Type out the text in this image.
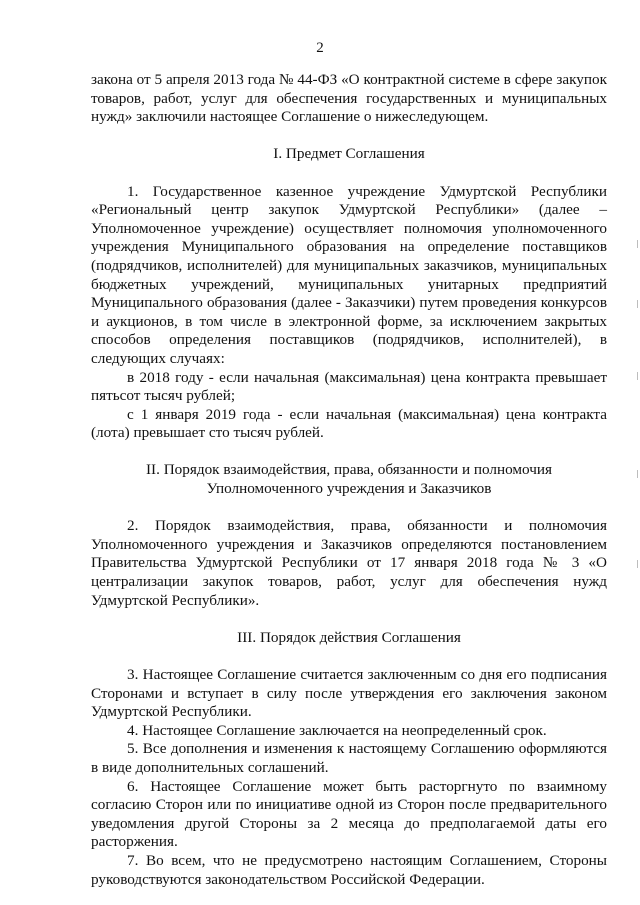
2

закона от 5 апреля 2013 года № 44-ФЗ «О контрактной системе в сфере закупок товаров, работ, услуг для обеспечения государственных и муниципальных нужд» заключили настоящее Соглашение о нижеследующем.

I. Предмет Соглашения

1. Государственное казенное учреждение Удмуртской Республики «Региональный центр закупок Удмуртской Республики» (далее – Уполномоченное учреждение) осуществляет полномочия уполномоченного учреждения Муниципального образования на определение поставщиков (подрядчиков, исполнителей) для муниципальных заказчиков, муниципальных бюджетных учреждений, муниципальных унитарных предприятий Муниципального образования (далее - Заказчики) путем проведения конкурсов и аукционов, в том числе в электронной форме, за исключением закрытых способов определения поставщиков (подрядчиков, исполнителей), в следующих случаях:

в 2018 году - если начальная (максимальная) цена контракта превышает пятьсот тысяч рублей;

с 1 января 2019 года - если начальная (максимальная) цена контракта (лота) превышает сто тысяч рублей.

II. Порядок взаимодействия, права, обязанности и полномочия

Уполномоченного учреждения и Заказчиков

2. Порядок взаимодействия, права, обязанности и полномочия Уполномоченного учреждения и Заказчиков определяются постановлением Правительства Удмуртской Республики от 17 января 2018 года № 3 «О централизации закупок товаров, работ, услуг для обеспечения нужд Удмуртской Республики».

III. Порядок действия Соглашения

3. Настоящее Соглашение считается заключенным со дня его подписания Сторонами и вступает в силу после утверждения его заключения законом Удмуртской Республики.

4. Настоящее Соглашение заключается на неопределенный срок.

5. Все дополнения и изменения к настоящему Соглашению оформляются в виде дополнительных соглашений.

6. Настоящее Соглашение может быть расторгнуто по взаимному согласию Сторон или по инициативе одной из Сторон после предварительного уведомления другой Стороны за 2 месяца до предполагаемой даты его расторжения.

7. Во всем, что не предусмотрено настоящим Соглашением, Стороны руководствуются законодательством Российской Федерации.
